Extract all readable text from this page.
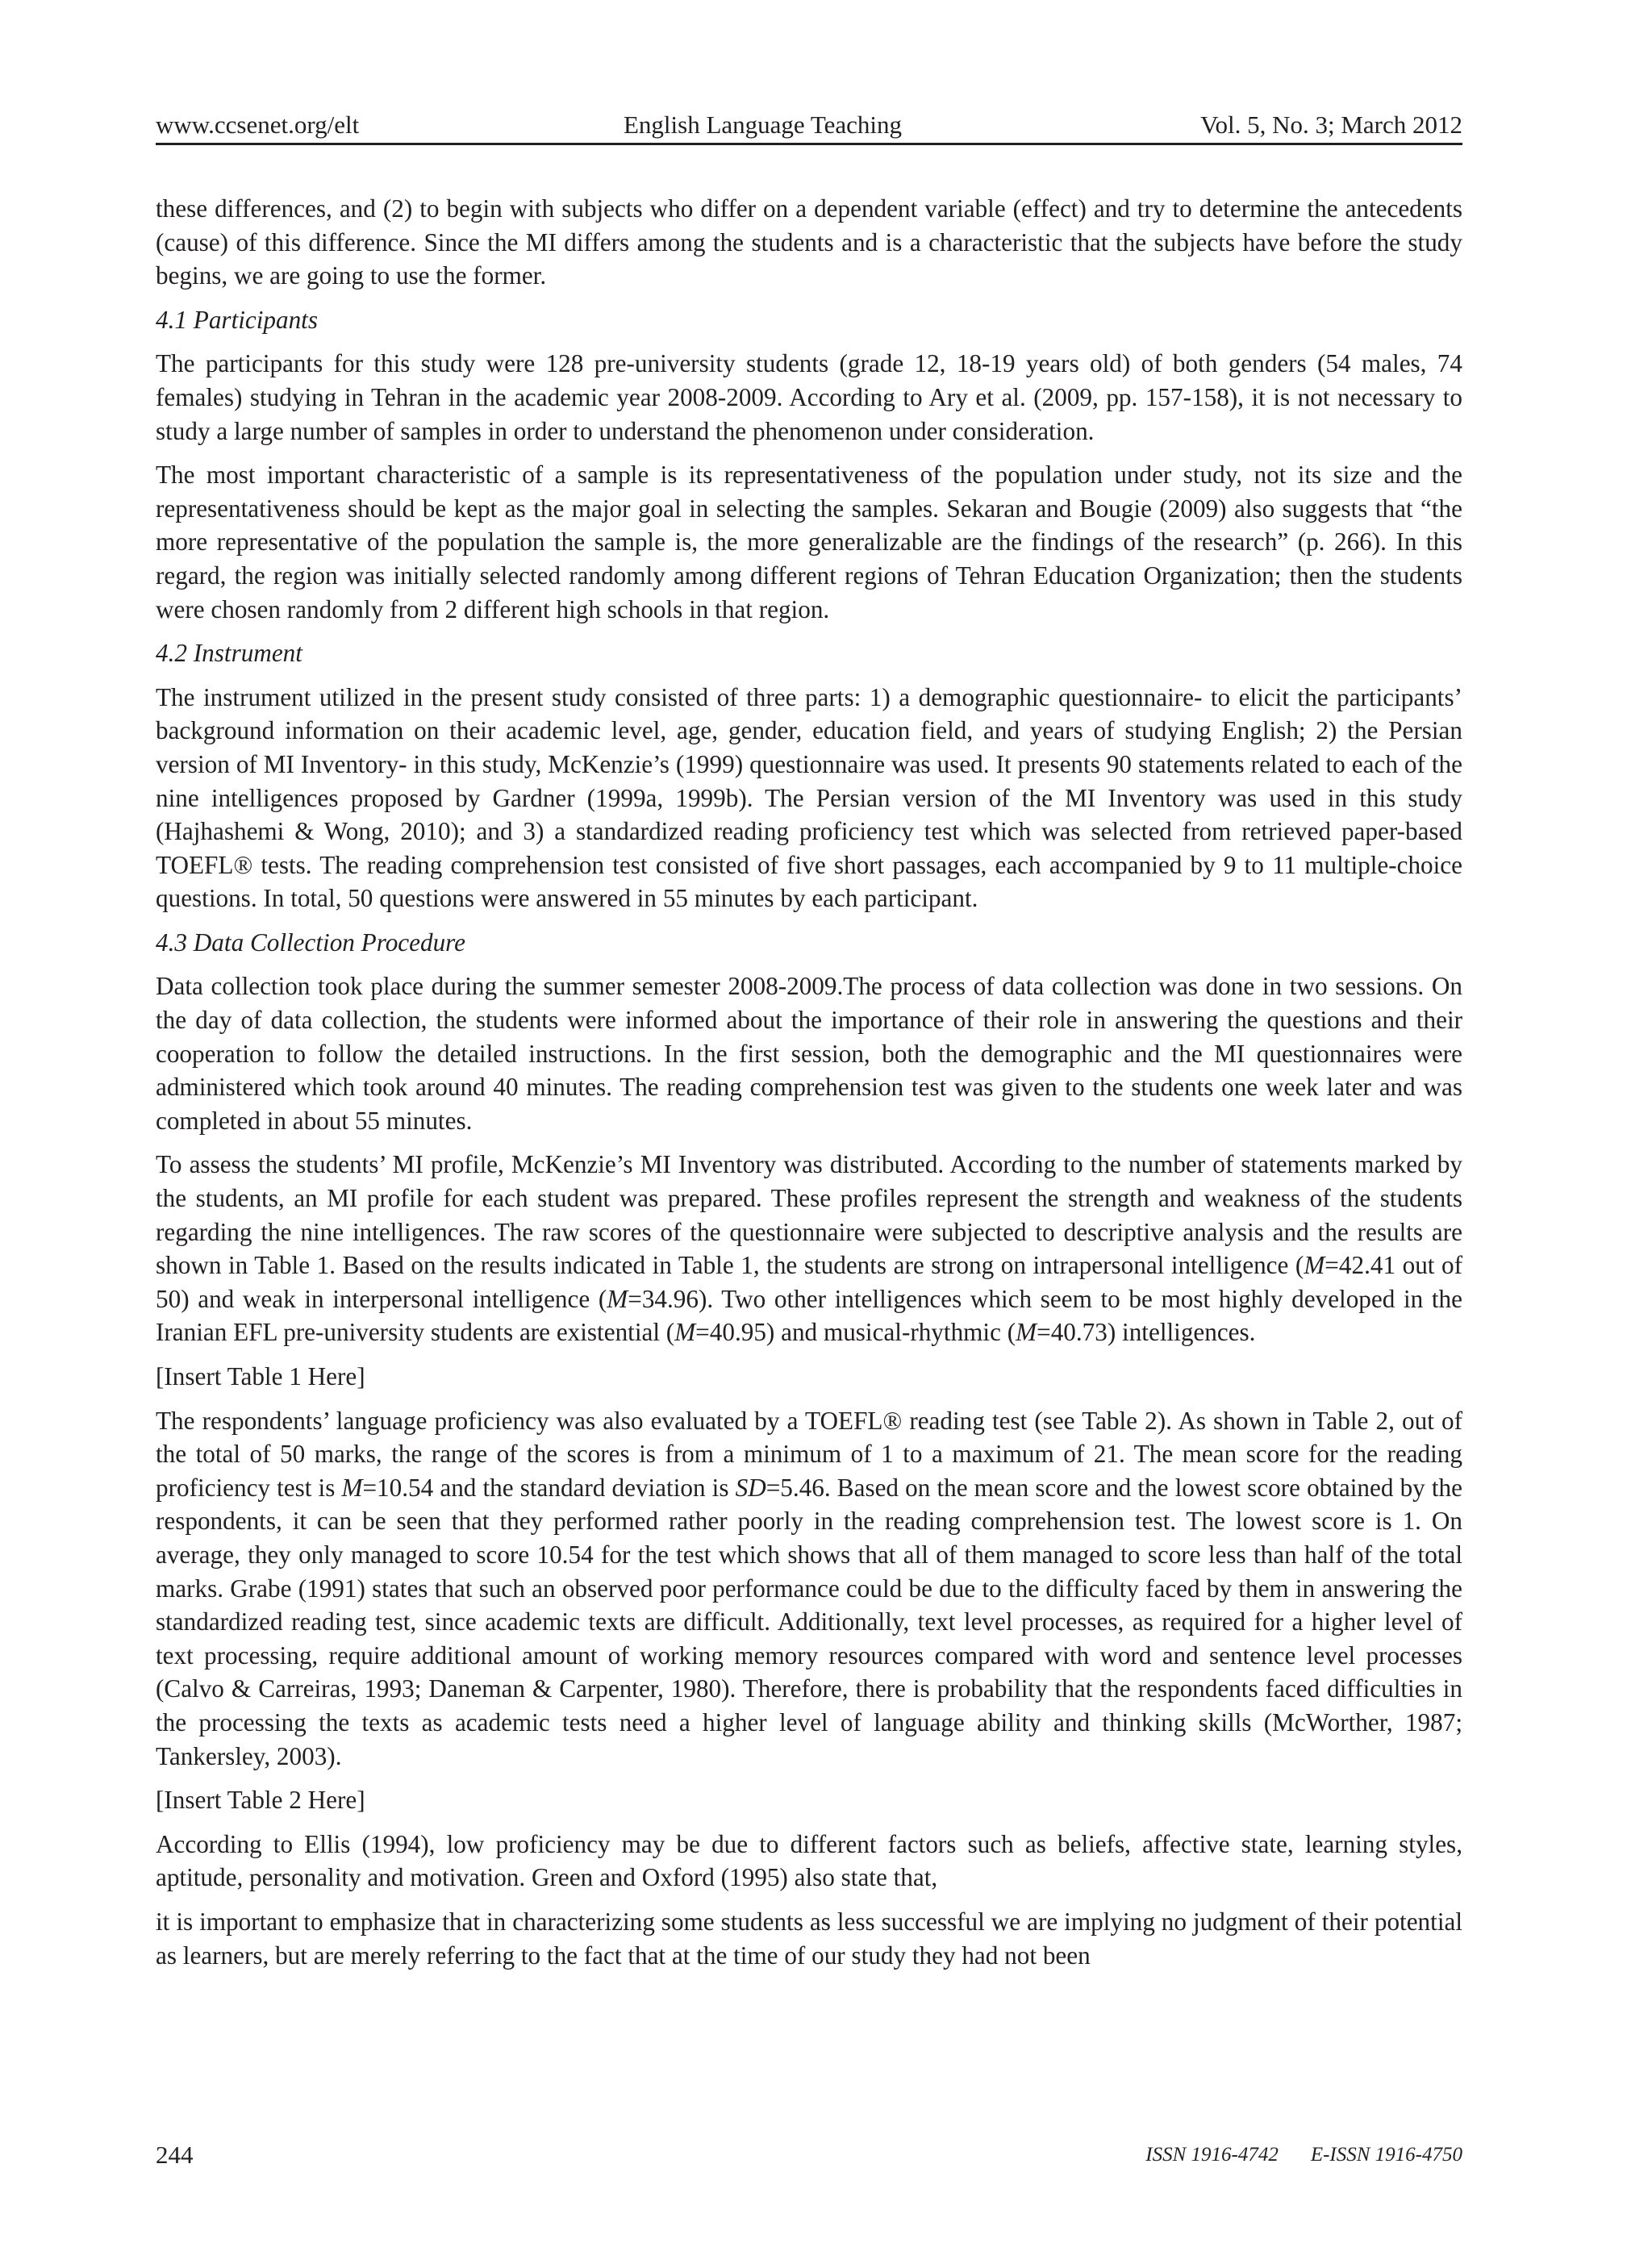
www.ccsenet.org/elt	English Language Teaching	Vol. 5, No. 3; March 2012

these differences, and (2) to begin with subjects who differ on a dependent variable (effect) and try to determine the antecedents (cause) of this difference. Since the MI differs among the students and is a characteristic that the subjects have before the study begins, we are going to use the former.

4.1 Participants

The participants for this study were 128 pre-university students (grade 12, 18-19 years old) of both genders (54 males, 74 females) studying in Tehran in the academic year 2008-2009. According to Ary et al. (2009, pp. 157-158), it is not necessary to study a large number of samples in order to understand the phenomenon under consideration.

The most important characteristic of a sample is its representativeness of the population under study, not its size and the representativeness should be kept as the major goal in selecting the samples. Sekaran and Bougie (2009) also suggests that “the more representative of the population the sample is, the more generalizable are the findings of the research” (p. 266). In this regard, the region was initially selected randomly among different regions of Tehran Education Organization; then the students were chosen randomly from 2 different high schools in that region.

4.2 Instrument

The instrument utilized in the present study consisted of three parts: 1) a demographic questionnaire- to elicit the participants’ background information on their academic level, age, gender, education field, and years of studying English; 2) the Persian version of MI Inventory- in this study, McKenzie’s (1999) questionnaire was used. It presents 90 statements related to each of the nine intelligences proposed by Gardner (1999a, 1999b). The Persian version of the MI Inventory was used in this study (Hajhashemi & Wong, 2010); and 3) a standardized reading proficiency test which was selected from retrieved paper-based TOEFL® tests. The reading comprehension test consisted of five short passages, each accompanied by 9 to 11 multiple-choice questions. In total, 50 questions were answered in 55 minutes by each participant.

4.3 Data Collection Procedure

Data collection took place during the summer semester 2008-2009.The process of data collection was done in two sessions. On the day of data collection, the students were informed about the importance of their role in answering the questions and their cooperation to follow the detailed instructions. In the first session, both the demographic and the MI questionnaires were administered which took around 40 minutes. The reading comprehension test was given to the students one week later and was completed in about 55 minutes.

To assess the students’ MI profile, McKenzie’s MI Inventory was distributed. According to the number of statements marked by the students, an MI profile for each student was prepared. These profiles represent the strength and weakness of the students regarding the nine intelligences. The raw scores of the questionnaire were subjected to descriptive analysis and the results are shown in Table 1. Based on the results indicated in Table 1, the students are strong on intrapersonal intelligence (M=42.41 out of 50) and weak in interpersonal intelligence (M=34.96). Two other intelligences which seem to be most highly developed in the Iranian EFL pre-university students are existential (M=40.95) and musical-rhythmic (M=40.73) intelligences.

[Insert Table 1 Here]

The respondents’ language proficiency was also evaluated by a TOEFL® reading test (see Table 2). As shown in Table 2, out of the total of 50 marks, the range of the scores is from a minimum of 1 to a maximum of 21. The mean score for the reading proficiency test is M=10.54 and the standard deviation is SD=5.46. Based on the mean score and the lowest score obtained by the respondents, it can be seen that they performed rather poorly in the reading comprehension test. The lowest score is 1. On average, they only managed to score 10.54 for the test which shows that all of them managed to score less than half of the total marks. Grabe (1991) states that such an observed poor performance could be due to the difficulty faced by them in answering the standardized reading test, since academic texts are difficult. Additionally, text level processes, as required for a higher level of text processing, require additional amount of working memory resources compared with word and sentence level processes (Calvo & Carreiras, 1993; Daneman & Carpenter, 1980). Therefore, there is probability that the respondents faced difficulties in the processing the texts as academic tests need a higher level of language ability and thinking skills (McWorther, 1987; Tankersley, 2003).

[Insert Table 2 Here]

According to Ellis (1994), low proficiency may be due to different factors such as beliefs, affective state, learning styles, aptitude, personality and motivation. Green and Oxford (1995) also state that,

it is important to emphasize that in characterizing some students as less successful we are implying no judgment of their potential as learners, but are merely referring to the fact that at the time of our study they had not been

244	ISSN 1916-4742 E-ISSN 1916-4750
